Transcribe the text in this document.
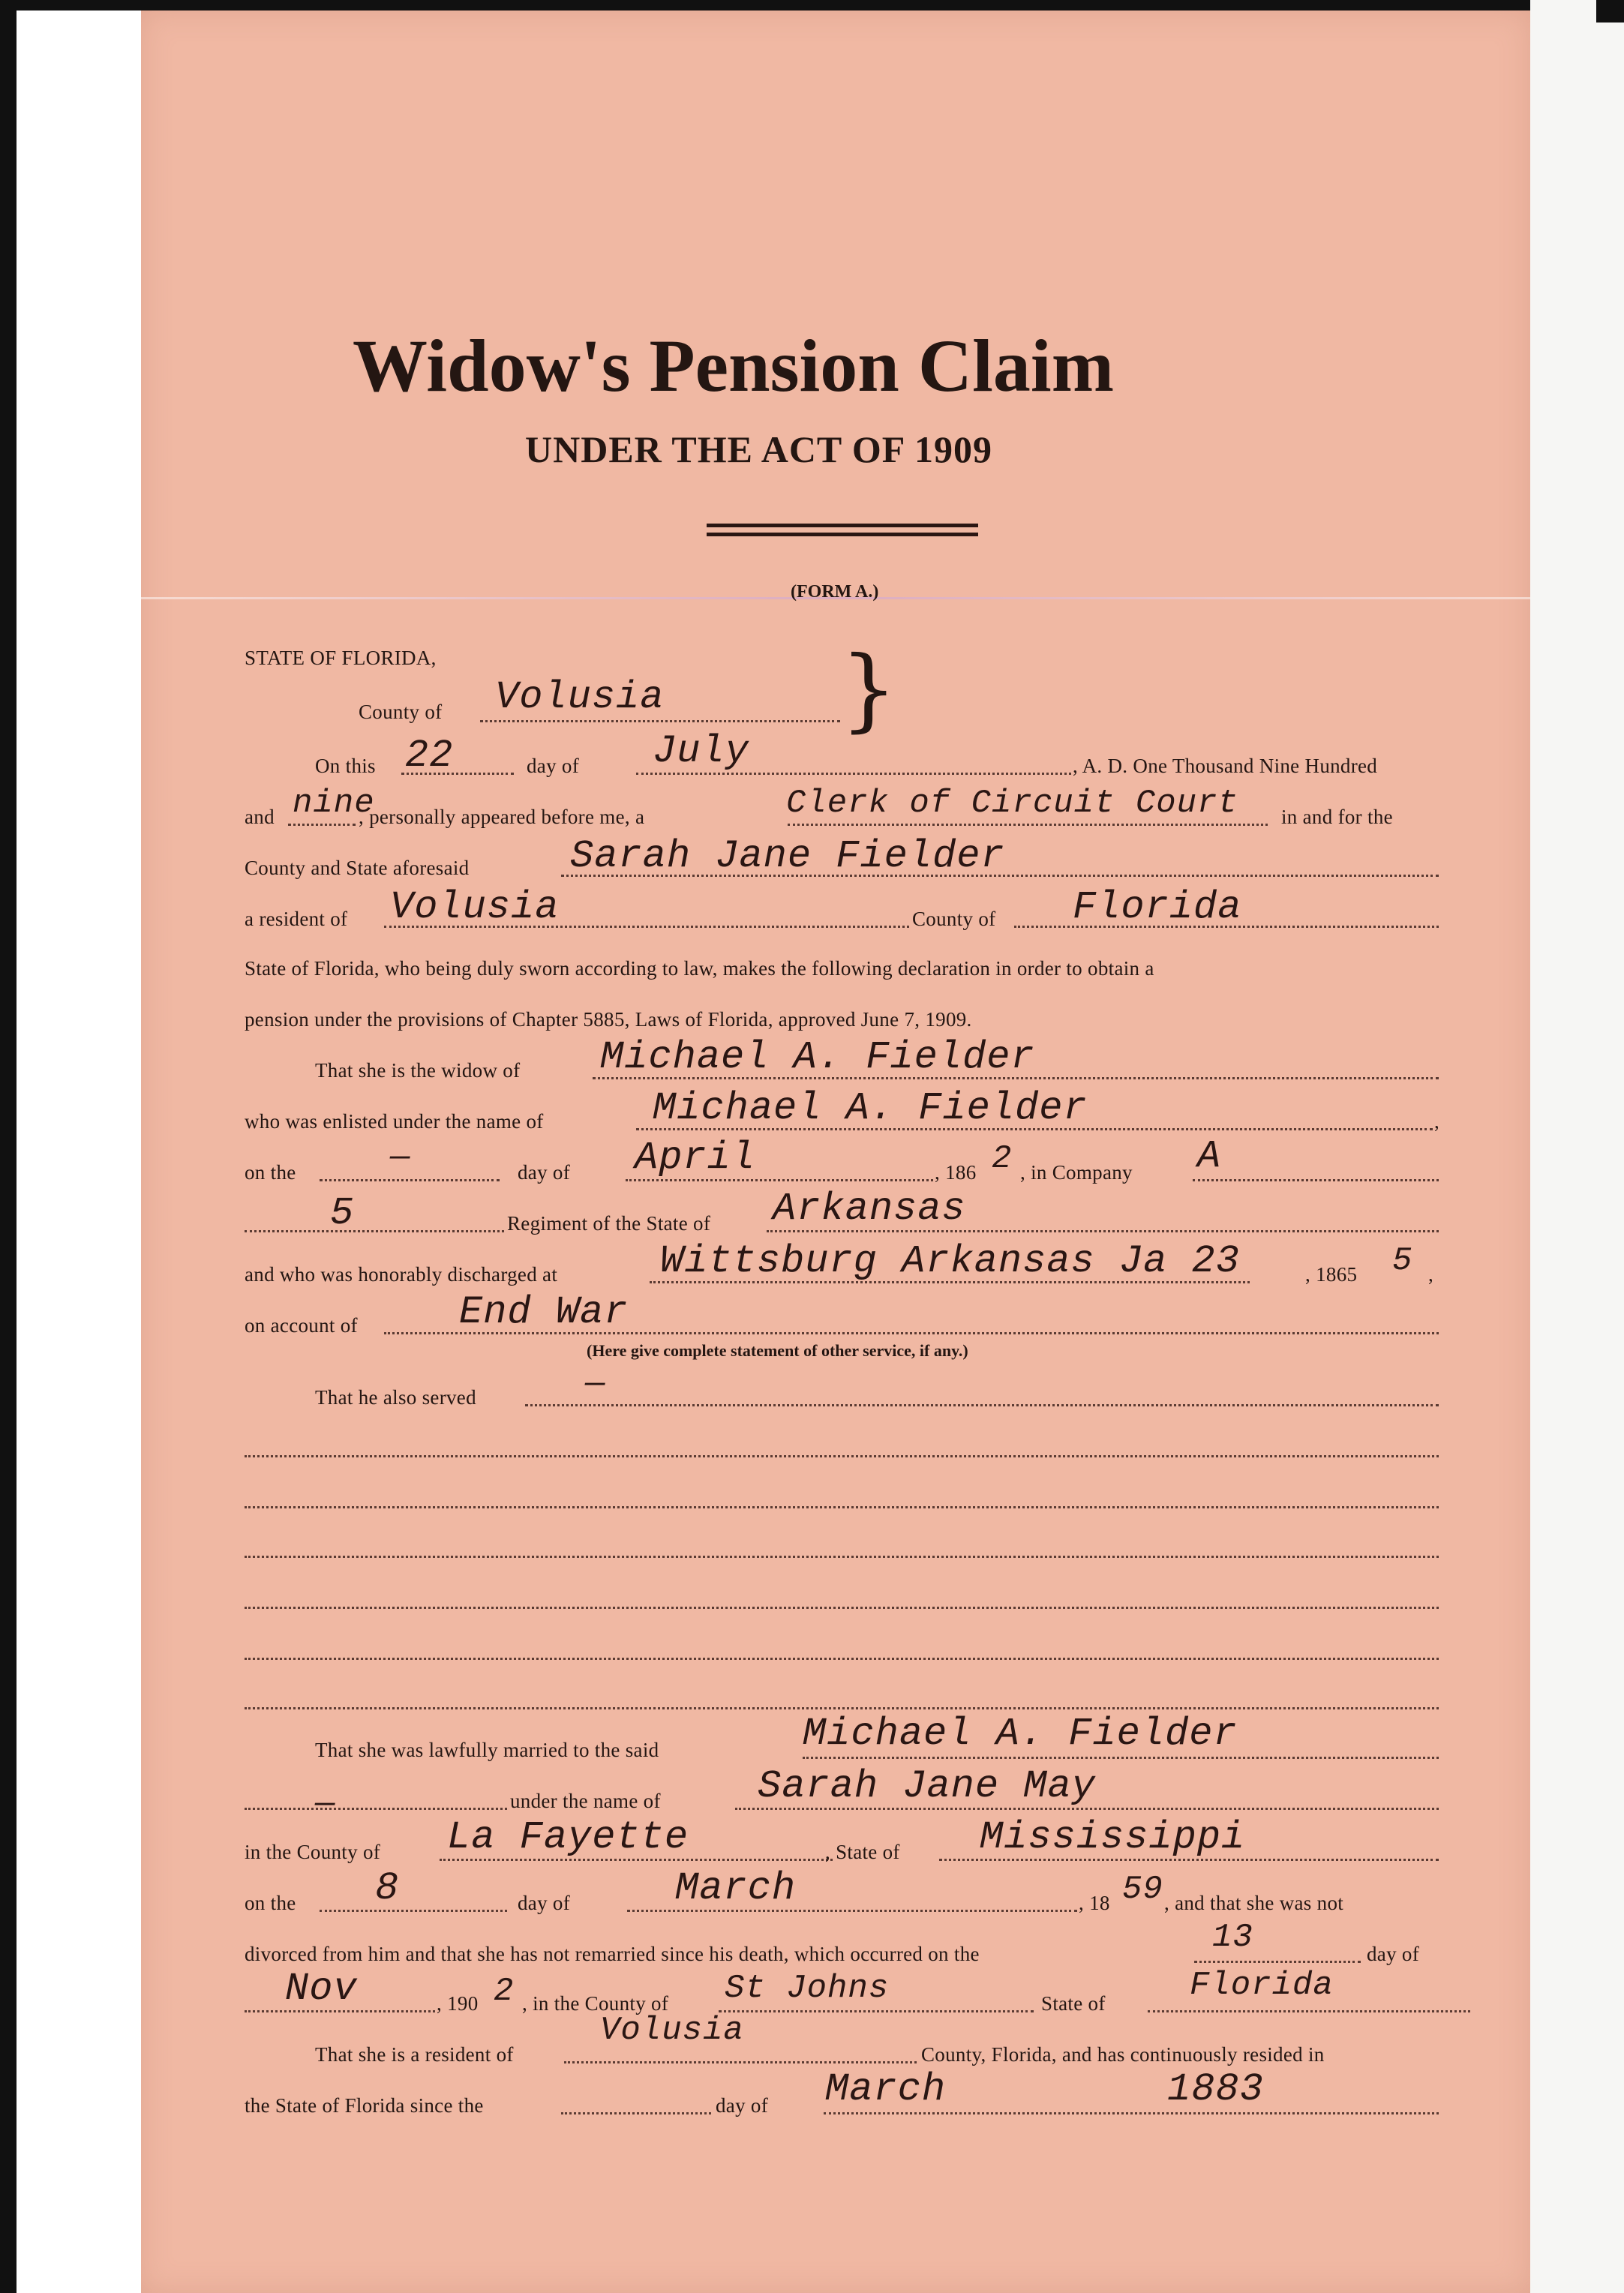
Widow's Pension Claim
UNDER THE ACT OF 1909
(FORM A.)
STATE OF FLORIDA,
County of Volusia }
On this 22	day of July	, A. D. One Thousand Nine Hundred
and nine
, personally appeared before me, a	Clerk of Circuit Court in and for the
County and State aforesaid	Sarah Jane Fielder
a resident of Volusia	County of Florida
State of Florida, who being duly sworn according to law, makes the following declaration in order to obtain a
pension under the provisions of Chapter 5885, Laws of Florida, approved June 7, 1909.
That she is the widow of Michael A. Fielder
who was enlisted under the name of	Michael A. Fielder	,
on the	—	day of April	, 186 2 , in Company A
5	Regiment of the State of Arkansas
and who was honorably discharged at	Wittsburg Arkansas Ja 23	, 1865 5 ,
on account of	End War
(Here give complete statement of other service, if any.)
That he also served	—
That she was lawfully married to the said	Michael A. Fielder
—	under the name of Sarah Jane May
in the County of La Fayette	, State of Mississippi
on the 8	day of	March	, 18 59 , and that she was not
divorced from him and that she has not remarried since his death, which occurred on the	13	day of
Nov	, 190 2 , in the County of St Johns	State of	Florida
That she is a resident of
Volusia
County, Florida, and has continuously resided in
the State of Florida since the	day of March	1883
